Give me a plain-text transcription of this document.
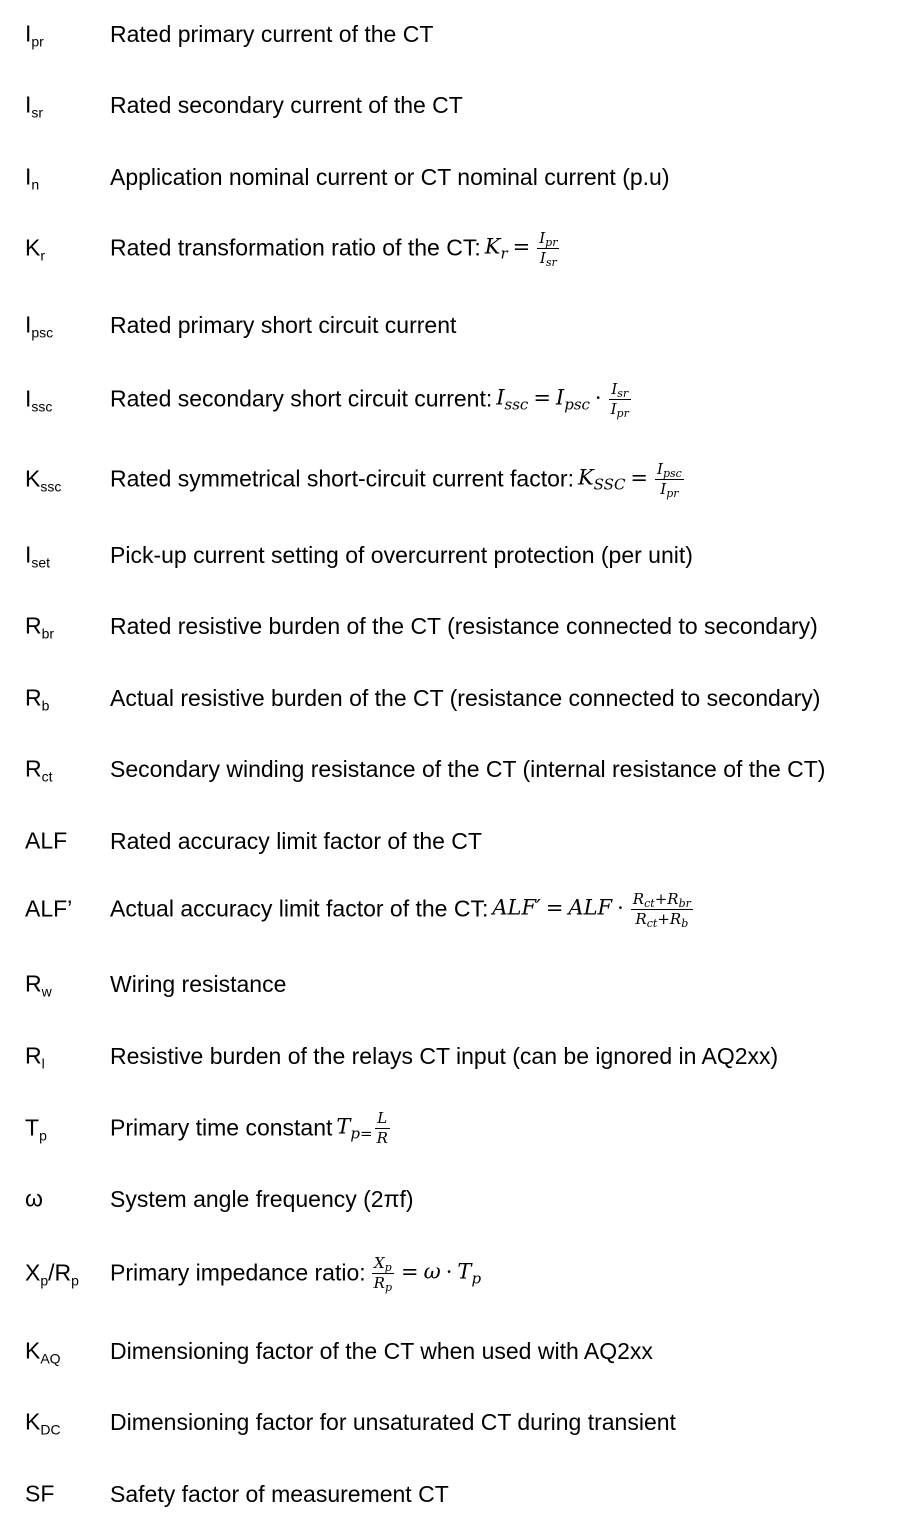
$I_{pr}$	Rated primary current of the CT
$I_{sr}$	Rated secondary current of the CT
$I_n$	Application nominal current or CT nominal current (p.u)
$K_r$	Rated transformation ratio of the CT: $K_r = \frac{I_{pr}}{I_{sr}}$
$I_{psc}$ Rated primary short circuit current
$I_{ssc}$	Rated secondary short circuit current: $I_{ssc} = I_{psc} \cdot \frac{I_{sr}}{I_{pr}}$
$K_{ssc}$ Rated symmetrical short-circuit current factor: $K_{SSC} = \frac{I_{psc}}{I_{pr}}$
$I_{set}$	Pick-up current setting of overcurrent protection (per unit)
$R_{br}$ Rated resistive burden of the CT (resistance connected to secondary)
$R_b$	Actual resistive burden of the CT (resistance connected to secondary)
$R_{ct}$ Secondary winding resistance of the CT (internal resistance of the CT)
ALF Rated accuracy limit factor of the CT
ALF’ Actual accuracy limit factor of the CT: ALF′ = ALF · $\frac{R_{ct}+R_{br}}{R_{ct}+R_b}$
$R_w$	Wiring resistance
$R_l$	Resistive burden of the relays CT input (can be ignored in AQ2xx)
$T_p$	Primary time constant $T_{p=} \frac{L}{R}$
ω	System angle frequency (2πf)
$X_p/R_p$ Primary impedance ratio: $\frac{X_p}{R_p} = \omega \cdot T_p$
$K_{AQ}$ Dimensioning factor of the CT when used with AQ2xx
$K_{DC}$ Dimensioning factor for unsaturated CT during transient
SF Safety factor of measurement CT
